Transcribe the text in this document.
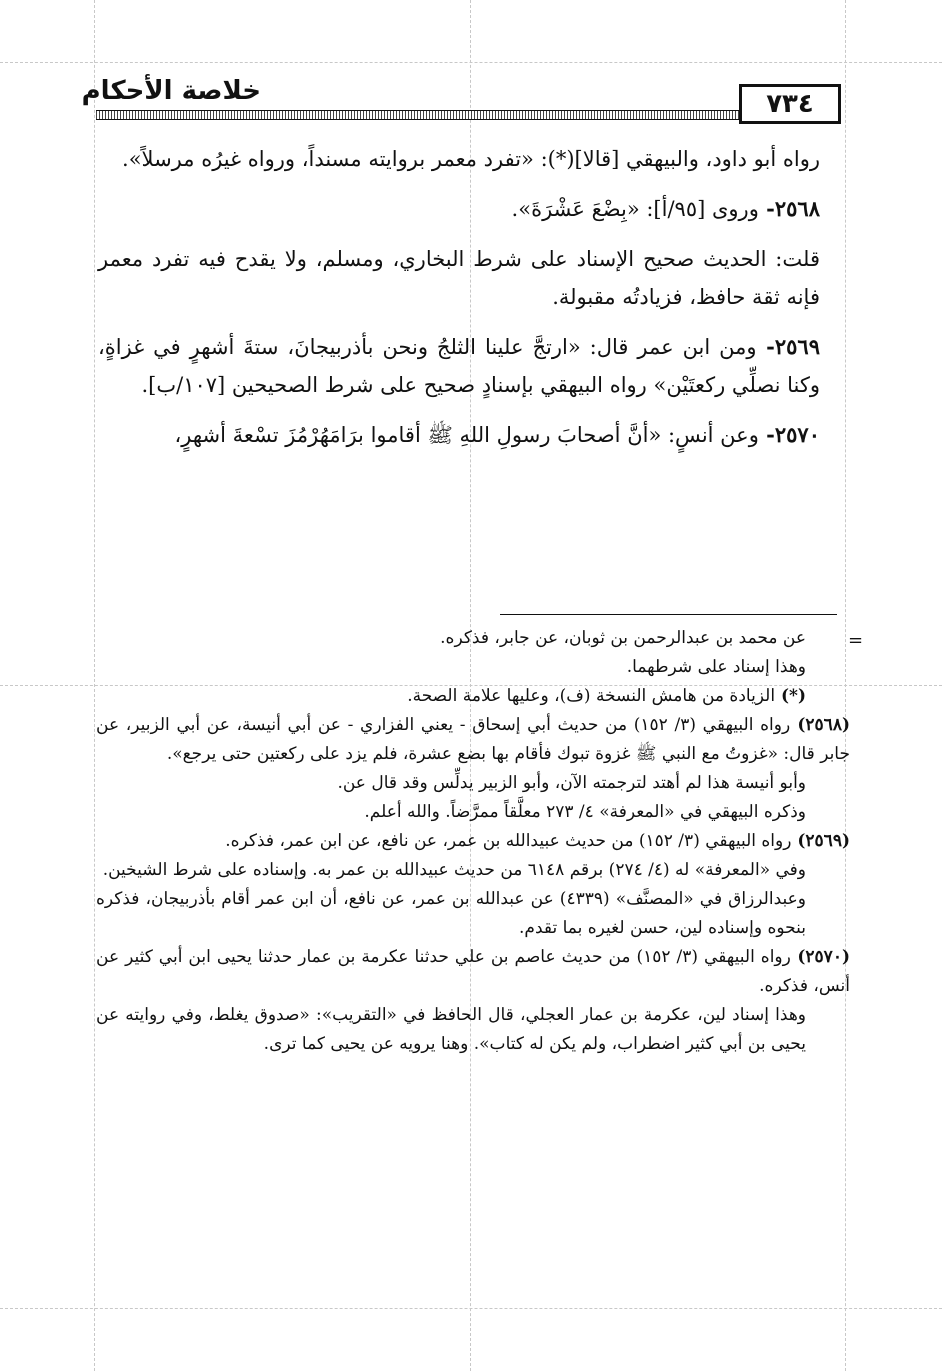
خلاصة الأحكام	٧٣٤

رواه أبو داود، والبيهقي [قالا](*): «تفرد معمر بروايته مسنداً، ورواه غيرُه مرسلاً».

٢٥٦٨- وروى [٩٥/أ]: «بِضْعَ عَشْرَةَ».

قلت: الحديث صحيح الإسناد على شرط البخاري، ومسلم، ولا يقدح فيه تفرد معمر فإنه ثقة حافظ، فزيادتُه مقبولة.

٢٥٦٩- ومن ابن عمر قال: «ارتجَّ علينا الثلجُ ونحن بأذربيجانَ، ستةَ أشهرٍ في غزاةٍ، وكنا نصلِّي ركعتَيْن» رواه البيهقي بإسنادٍ صحيح على شرط الصحيحين [١٠٧/ب].

٢٥٧٠- وعن أنسٍ: «أنَّ أصحابَ رسولِ اللهِ ﷺ أقاموا برَامَهُرْمُزَ تسْعةَ أشهرٍ،

=

عن محمد بن عبدالرحمن بن ثوبان، عن جابر، فذكره.

وهذا إسناد على شرطهما.

(*) الزيادة من هامش النسخة (ف)، وعليها علامة الصحة.

(٢٥٦٨) رواه البيهقي (٣/ ١٥٢) من حديث أبي إسحاق - يعني الفزاري - عن أبي أنيسة، عن أبي الزبير، عن جابر قال: «غزوتُ مع النبي ﷺ غزوة تبوك فأقام بها بضع عشرة، فلم يزد على ركعتين حتى يرجع».

وأبو أنيسة هذا لم أهتد لترجمته الآن، وأبو الزبير يدلِّس وقد قال عن.

وذكره البيهقي في «المعرفة» ٤/ ٢٧٣ معلَّقاً ممرَّضاً. والله أعلم.

(٢٥٦٩) رواه البيهقي (٣/ ١٥٢) من حديث عبيدالله بن عمر، عن نافع، عن ابن عمر، فذكره.

وفي «المعرفة» له (٤/ ٢٧٤) برقم ٦١٤٨ من حديث عبيدالله بن عمر به. وإسناده على شرط الشيخين.

وعبدالرزاق في «المصنَّف» (٤٣٣٩) عن عبدالله بن عمر، عن نافع، أن ابن عمر أقام بأذربيجان، فذكره بنحوه وإسناده لين، حسن لغيره بما تقدم.

(٢٥٧٠) رواه البيهقي (٣/ ١٥٢) من حديث عاصم بن علي حدثنا عكرمة بن عمار حدثنا يحيى ابن أبي كثير عن أنس، فذكره.

وهذا إسناد لين، عكرمة بن عمار العجلي، قال الحافظ في «التقريب»: «صدوق يغلط، وفي روايته عن يحيى بن أبي كثير اضطراب، ولم يكن له كتاب». وهنا يرويه عن يحيى كما ترى.
